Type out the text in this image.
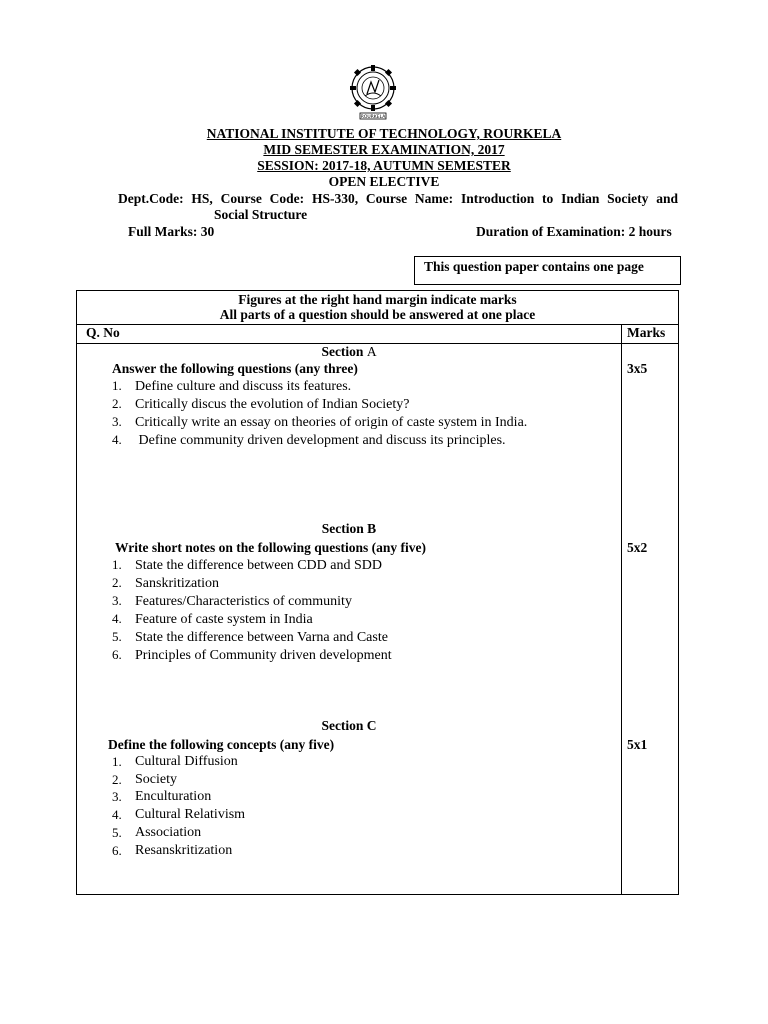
ROURKELA
NATIONAL INSTITUTE OF TECHNOLOGY, ROURKELA
MID SEMESTER EXAMINATION, 2017
SESSION: 2017-18, AUTUMN SEMESTER
OPEN ELECTIVE
Dept.Code: HS, Course Code: HS-330, Course Name: Introduction to Indian Society and
Social Structure
Full Marks: 30	Duration of Examination: 2 hours
This question paper contains one page
Figures at the right hand margin indicate marks
All parts of a question should be answered at one place
Q. No	Marks
Section A
Answer the following questions (any three)	3x5
1. Define culture and discuss its features.
2. Critically discus the evolution of Indian Society?
3. Critically write an essay on theories of origin of caste system in India.
4. Define community driven development and discuss its principles.
Section B
Write short notes on the following questions (any five)	5x2
1. State the difference between CDD and SDD
2. Sanskritization
3. Features/Characteristics of community
4. Feature of caste system in India
5. State the difference between Varna and Caste
6. Principles of Community driven development
Section C
Define the following concepts (any five)	5x1
1. Cultural Diffusion
2. Society
3. Enculturation
4. Cultural Relativism
5. Association
6. Resanskritization
